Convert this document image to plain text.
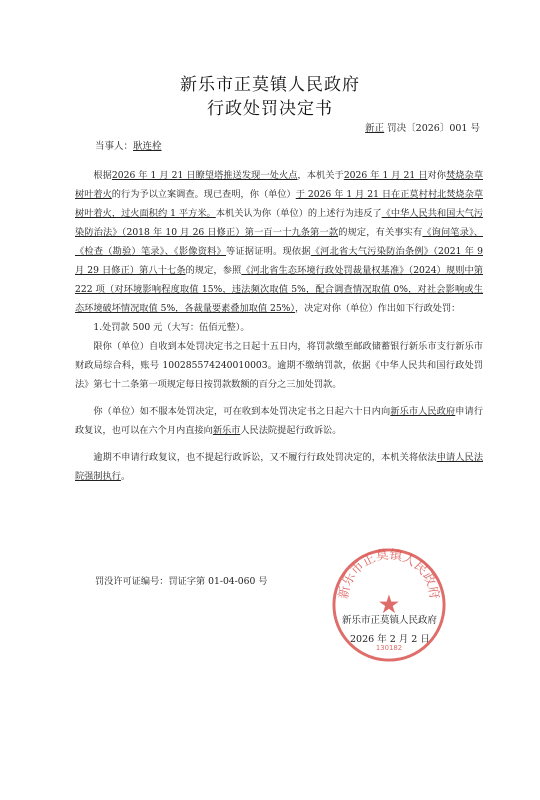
新乐市正莫镇人民政府
行政处罚决定书
新正 罚决〔2026〕001 号
当事人：耿连栓

根据2026 年 1 月 21 日瞭望塔推送发现一处火点，本机关于2026 年 1 月 21 日对你焚烧杂草树叶着火的行为予以立案调查。现已查明，你（单位）于 2026 年 1 月 21 日在正莫村村北焚烧杂草树叶着火，过火面积约 1 平方米。本机关认为你（单位）的上述行为违反了《中华人民共和国大气污染防治法》（2018 年 10 月 26 日修正）第一百一十九条第一款的规定，有关事实有《询问笔录》、《检查（勘验）笔录》、《影像资料》等证据证明。现依据《河北省大气污染防治条例》（2021 年 9 月 29 日修正）第八十七条的规定，参照《河北省生态环境行政处罚裁量权基准》（2024）规则中第 222 项（对环境影响程度取值 15%，违法频次取值 5%，配合调查情况取值 0%，对社会影响或生态环境破坏情况取值 5%，各裁量要素叠加取值 25%），决定对你（单位）作出如下行政处罚：

1.处罚款 500 元（大写：伍佰元整）。

限你（单位）自收到本处罚决定书之日起十五日内，将罚款缴至邮政储蓄银行新乐市支行新乐市财政局综合科，账号 100285574240010003。逾期不缴纳罚款，依据《中华人民共和国行政处罚法》第七十二条第一项规定每日按罚款数额的百分之三加处罚款。

你（单位）如不服本处罚决定，可在收到本处罚决定书之日起六十日内向新乐市人民政府申请行政复议，也可以在六个月内直接向新乐市人民法院提起行政诉讼。

逾期不申请行政复议，也不提起行政诉讼，又不履行行政处罚决定的，本机关将依法申请人民法院强制执行。

罚没许可证编号：罚证字第 01-04-060 号
新乐市正莫镇人民政府
★
130182
新乐市正莫镇人民政府
2026 年 2 月 2 日
